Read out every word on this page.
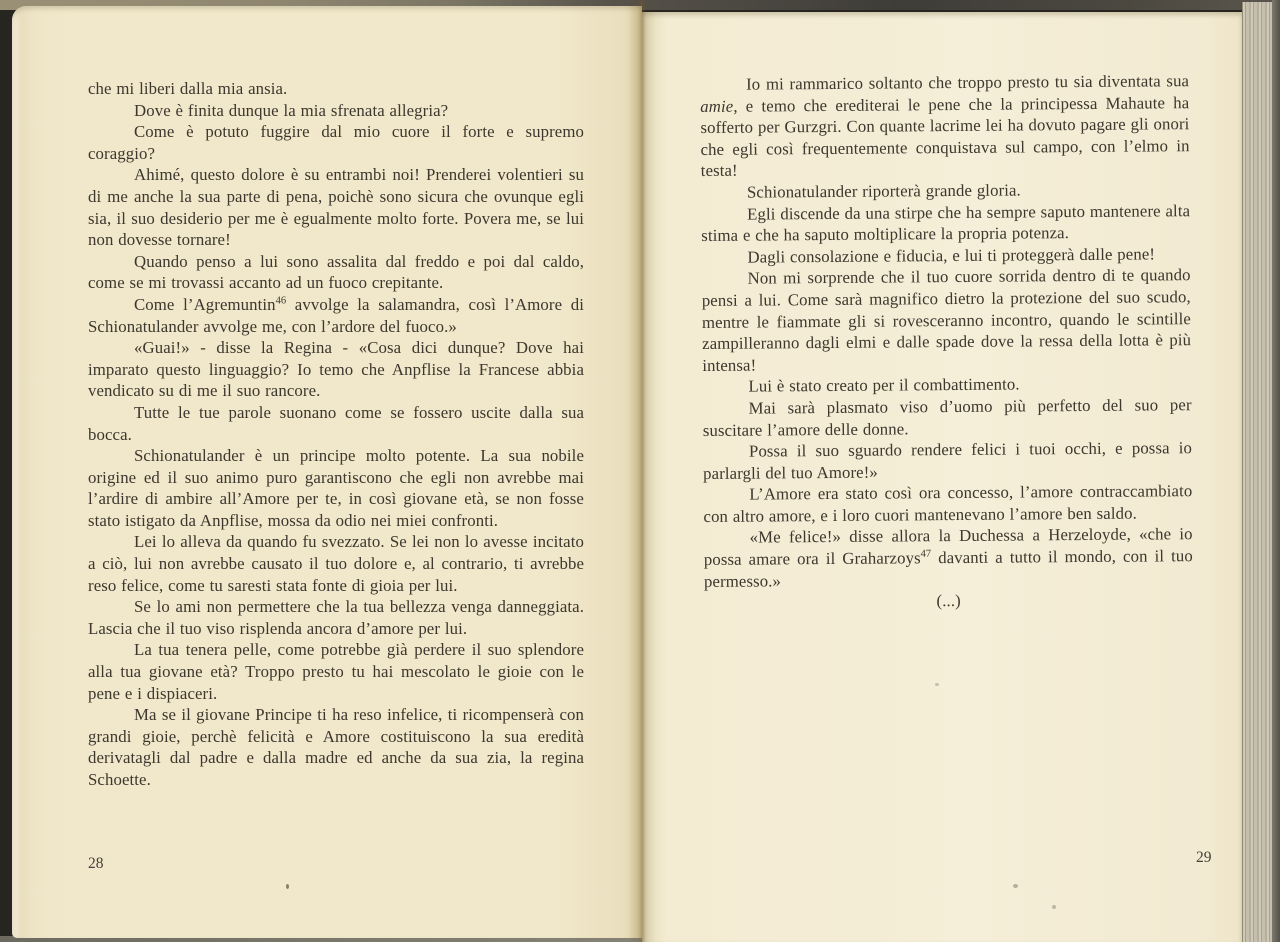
che mi liberi dalla mia ansia.

Dove è finita dunque la mia sfrenata allegria?

Come è potuto fuggire dal mio cuore il forte e supremo coraggio?

Ahimé, questo dolore è su entrambi noi! Prenderei volentieri su di me anche la sua parte di pena, poichè sono sicura che ovunque egli sia, il suo desiderio per me è egualmente molto forte. Povera me, se lui non dovesse tornare!

Quando penso a lui sono assalita dal freddo e poi dal caldo, come se mi trovassi accanto ad un fuoco crepitante.

Come l’Agremuntin$^{46}$ avvolge la salamandra, così l’Amore di Schionatulander avvolge me, con l’ardore del fuoco.»

«Guai!» - disse la Regina - «Cosa dici dunque? Dove hai imparato questo linguaggio? Io temo che Anpflise la Francese abbia vendicato su di me il suo rancore.

Tutte le tue parole suonano come se fossero uscite dalla sua bocca.

Schionatulander è un principe molto potente. La sua nobile origine ed il suo animo puro garantiscono che egli non avrebbe mai l’ardire di ambire all’Amore per te, in così giovane età, se non fosse stato istigato da Anpflise, mossa da odio nei miei confronti.

Lei lo alleva da quando fu svezzato. Se lei non lo avesse incitato a ciò, lui non avrebbe causato il tuo dolore e, al contrario, ti avrebbe reso felice, come tu saresti stata fonte di gioia per lui.

Se lo ami non permettere che la tua bellezza venga danneggiata. Lascia che il tuo viso risplenda ancora d’amore per lui.

La tua tenera pelle, come potrebbe già perdere il suo splendore alla tua giovane età? Troppo presto tu hai mescolato le gioie con le pene e i dispiaceri.

Ma se il giovane Principe ti ha reso infelice, ti ricompenserà con grandi gioie, perchè felicità e Amore costituiscono la sua eredità derivatagli dal padre e dalla madre ed anche da sua zia, la regina Schoette.

Io mi rammarico soltanto che troppo presto tu sia diventata sua amie, e temo che erediterai le pene che la principessa Mahaute ha sofferto per Gurzgri. Con quante lacrime lei ha dovuto pagare gli onori che egli così frequentemente conquistava sul campo, con l’elmo in testa!

Schionatulander riporterà grande gloria.

Egli discende da una stirpe che ha sempre saputo mantenere alta stima e che ha saputo moltiplicare la propria potenza.

Dagli consolazione e fiducia, e lui ti proteggerà dalle pene!

Non mi sorprende che il tuo cuore sorrida dentro di te quando pensi a lui. Come sarà magnifico dietro la protezione del suo scudo, mentre le fiammate gli si rovesceranno incontro, quando le scintille zampilleranno dagli elmi e dalle spade dove la ressa della lotta è più intensa!

Lui è stato creato per il combattimento.

Mai sarà plasmato viso d’uomo più perfetto del suo per suscitare l’amore delle donne.

Possa il suo sguardo rendere felici i tuoi occhi, e possa io parlargli del tuo Amore!»

L’Amore era stato così ora concesso, l’amore contraccambiato con altro amore, e i loro cuori mantenevano l’amore ben saldo.

«Me felice!» disse allora la Duchessa a Herzeloyde, «che io possa amare ora il Graharzoys$^{47}$ davanti a tutto il mondo, con il tuo permesso.»

(...)

28	29
